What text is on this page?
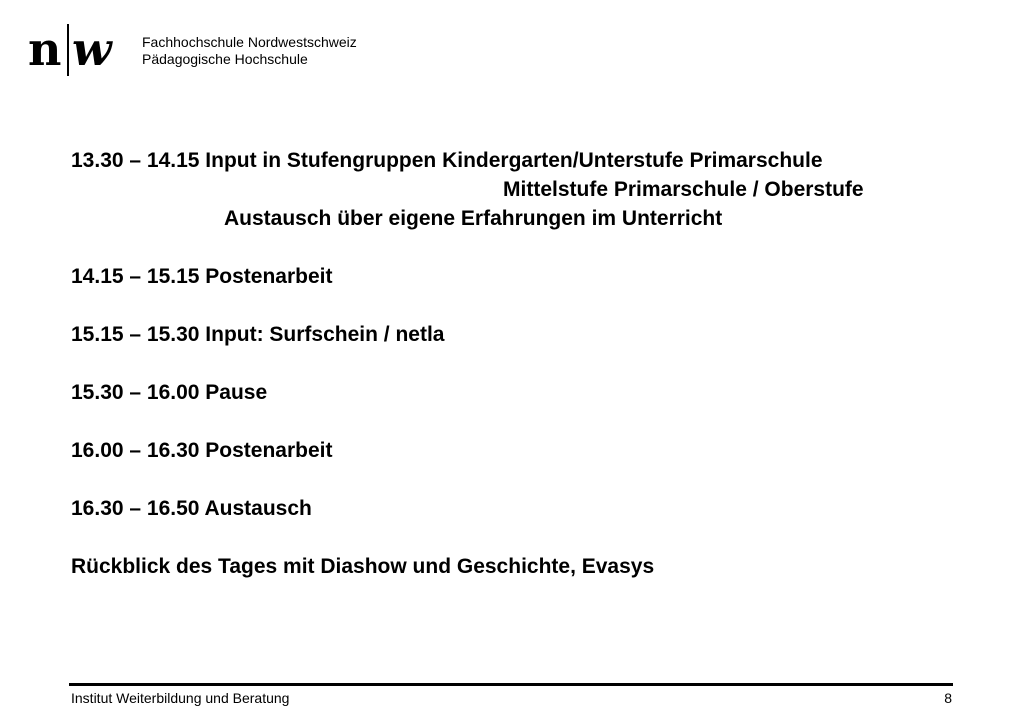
n w Fachhochschule Nordwestschweiz
Pädagogische Hochschule
13.30 – 14.15 Input in Stufengruppen Kindergarten/Unterstufe Primarschule
Mittelstufe Primarschule / Oberstufe
Austausch über eigene Erfahrungen im Unterricht
14.15 – 15.15 Postenarbeit
15.15 – 15.30 Input: Surfschein / netla
15.30 – 16.00 Pause
16.00 – 16.30 Postenarbeit
16.30 – 16.50 Austausch
Rückblick des Tages mit Diashow und Geschichte, Evasys
Institut Weiterbildung und Beratung	8
